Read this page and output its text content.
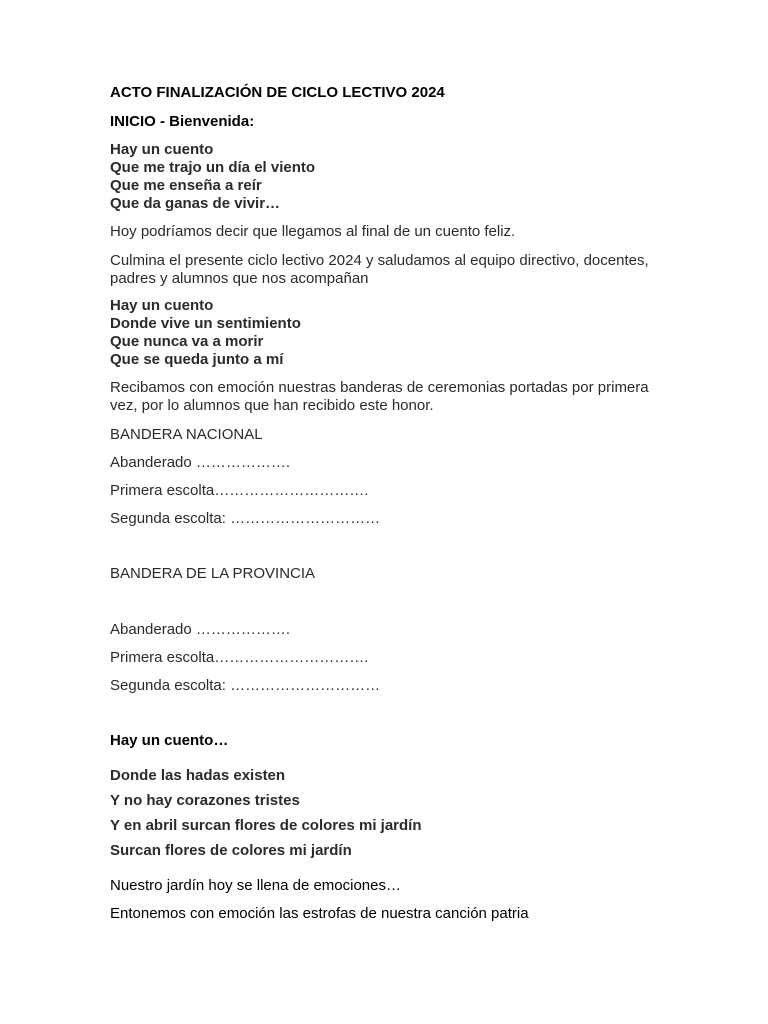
ACTO FINALIZACIÓN DE CICLO LECTIVO 2024
INICIO - Bienvenida:
Hay un cuento
Que me trajo un día el viento
Que me enseña a reír
Que da ganas de vivir…
Hoy podríamos decir que llegamos al final de un cuento feliz.
Culmina el presente ciclo lectivo 2024 y saludamos al equipo directivo, docentes, padres y alumnos que nos acompañan
Hay un cuento
Donde vive un sentimiento
Que nunca va a morir
Que se queda junto a mí
Recibamos con emoción nuestras banderas de ceremonias portadas por primera vez, por lo alumnos que han recibido este honor.
BANDERA NACIONAL
Abanderado ……………….
Primera escolta………………………….
Segunda escolta: …………………………
BANDERA DE LA PROVINCIA
Abanderado ……………….
Primera escolta………………………….
Segunda escolta: …………………………
Hay un cuento…
Donde las hadas existen
Y no hay corazones tristes
Y en abril surcan flores de colores mi jardín
Surcan flores de colores mi jardín
Nuestro jardín hoy se llena de emociones…
Entonemos con emoción las estrofas de nuestra canción patria
